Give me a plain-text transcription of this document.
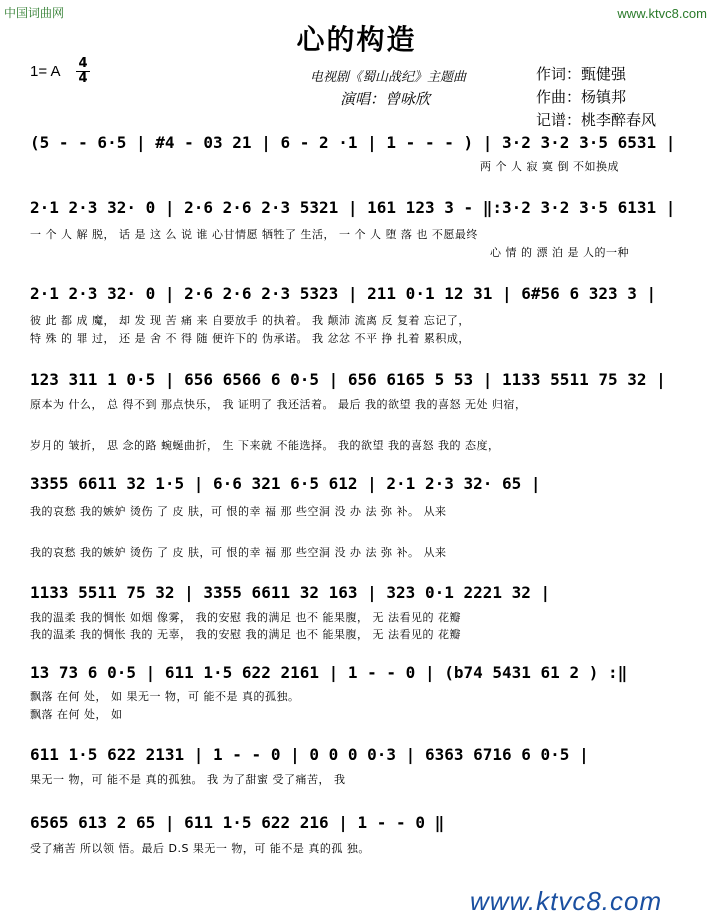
中国词曲网	www.ktvc8.com
心的构造
1= A 4
4	电视剧《蜀山战纪》主题曲
演唱：曾咏欣
作词：甄健强
作曲：杨镇邦
记谱：桃李醉春风
(5 - - 6·5 | #4 - 03 21 | 6 - 2 ·1 | 1 - - - ) | 3·2 3·2 3·5 6531 |
两 个 人 寂 寞 倒 不如换成
2·1 2·3 32· 0 | 2·6 2·6 2·3 5321 | 161 123 3 - ‖:3·2 3·2 3·5 6131 |
一 个 人 解 脱， 话 是 这 么 说 谁 心甘情愿 牺牲了 生活， 一 个 人 堕 落 也 不愿最终
心 情 的 漂 泊 是 人的一种
2·1 2·3 32· 0 | 2·6 2·6 2·3 5323 | 211 0·1 12 31 | 6#56 6 323 3 |
彼 此 都 成 魔， 却 发 现 苦 痛 来 自要放手 的执着。 我 颠沛 流离 反 复着 忘记了，
特 殊 的 罪 过， 还 是 舍 不 得 随 便许下的 伪承诺。 我 忿忿 不平 挣 扎着 累积成，
123 311 1 0·5 | 656 6566 6 0·5 | 656 6165 5 53 | 1133 5511 75 32 |
原本为 什么， 总 得不到 那点快乐， 我 证明了 我还活着。 最后 我的欲望 我的喜怒 无处 归宿，
岁月的 皱折， 思 念的路 蜿蜒曲折， 生 下来就 不能选择。 我的欲望 我的喜怒 我的 态度，
3355 6611 32 1·5 | 6·6 321 6·5 612 | 2·1 2·3 32· 65 |
我的哀愁 我的嫉妒 烫伤 了 皮 肤，可 恨的幸 福 那 些空洞 没 办 法 弥 补。 从来
我的哀愁 我的嫉妒 烫伤 了 皮 肤，可 恨的幸 福 那 些空洞 没 办 法 弥 补。 从来
1133 5511 75 32 | 3355 6611 32 163 | 323 0·1 2221 32 |
我的温柔 我的惆怅 如烟 像雾， 我的安慰 我的满足 也不 能果腹， 无 法看见的 花瓣
我的温柔 我的惆怅 我的 无辜， 我的安慰 我的满足 也不 能果腹， 无 法看见的 花瓣
13 73 6 0·5 | 611 1·5 622 2161 | 1 - - 0 | (b74 5431 61 2 ) :‖
飘落 在何 处， 如 果无一 物，可 能不是 真的孤独。
飘落 在何 处， 如
611 1·5 622 2131 | 1 - - 0 | 0 0 0 0·3 | 6363 6716 6 0·5 |
果无一 物，可 能不是 真的孤独。 我 为了甜蜜 受了痛苦， 我
6565 613 2 65 | 611 1·5 622 216 | 1 - - 0 ‖
受了痛苦 所以领 悟。最后 D.S 果无一 物，可 能不是 真的孤 独。
www.ktvc8.com
